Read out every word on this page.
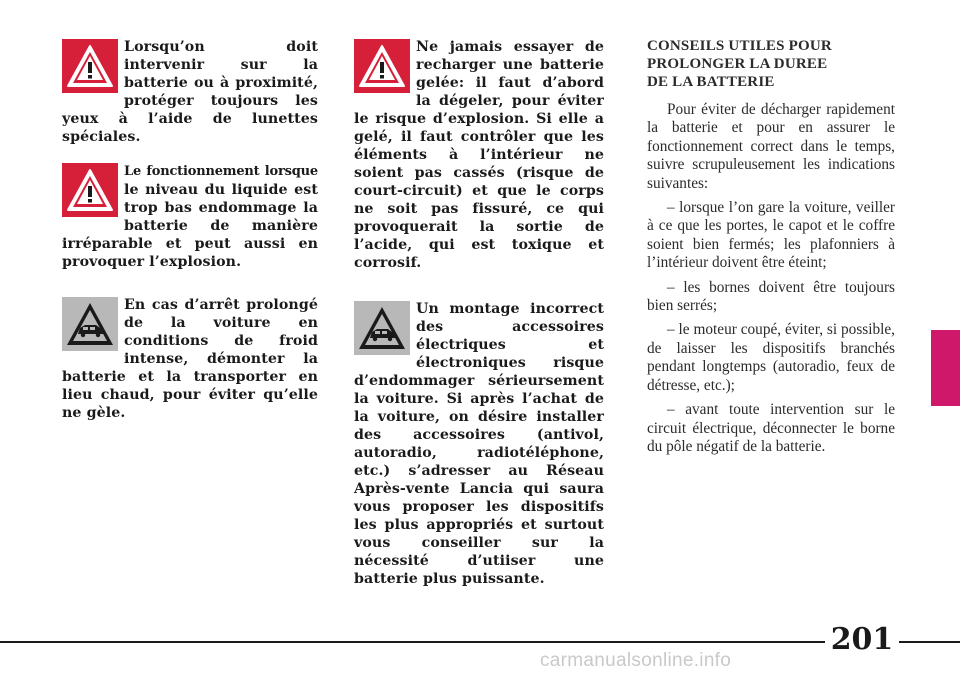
Lorsqu’on doit intervenir sur la batterie ou à proximité, protéger toujours les yeux à l’aide de lunettes spéciales.

Le fonctionnement lorsque le niveau du liquide est trop bas endommage la batterie de manière irréparable et peut aussi en provoquer l’explosion.

En cas d’arrêt prolongé de la voiture en conditions de froid intense, démonter la batterie et la transporter en lieu chaud, pour éviter qu’elle ne gèle.

Ne jamais essayer de recharger une batterie gelée: il faut d’abord la dégeler, pour éviter le risque d’explosion. Si elle a gelé, il faut contrôler que les éléments à l’intérieur ne soient pas cassés (risque de court-circuit) et que le corps ne soit pas fissuré, ce qui provoquerait la sortie de l’acide, qui est toxique et corrosif.

Un montage incorrect des accessoires électriques et électroniques risque d’endommager sérieursement la voiture. Si après l’achat de la voiture, on désire installer des accessoires (antivol, autoradio, radiotéléphone, etc.) s’adresser au Réseau Après-vente Lancia qui saura vous proposer les dispositifs les plus appropriés et surtout vous conseiller sur la nécessité d’utiiser une batterie plus puissante.

CONSEILS UTILES POUR
PROLONGER LA DUREE
DE LA BATTERIE

Pour éviter de décharger rapidement la batterie et pour en assurer le fonctionnement correct dans le temps, suivre scrupuleusement les indications suivantes:

– lorsque l’on gare la voiture, veiller à ce que les portes, le capot et le coffre soient bien fermés; les plafonniers à l’intérieur doivent être éteint;

– les bornes doivent être toujours bien serrés;

– le moteur coupé, éviter, si possible, de laisser les dispositifs branchés pendant longtemps (autoradio, feux de détresse, etc.);

– avant toute intervention sur le circuit électrique, déconnecter le borne du pôle négatif de la batterie.

201
carmanualsonline.info
